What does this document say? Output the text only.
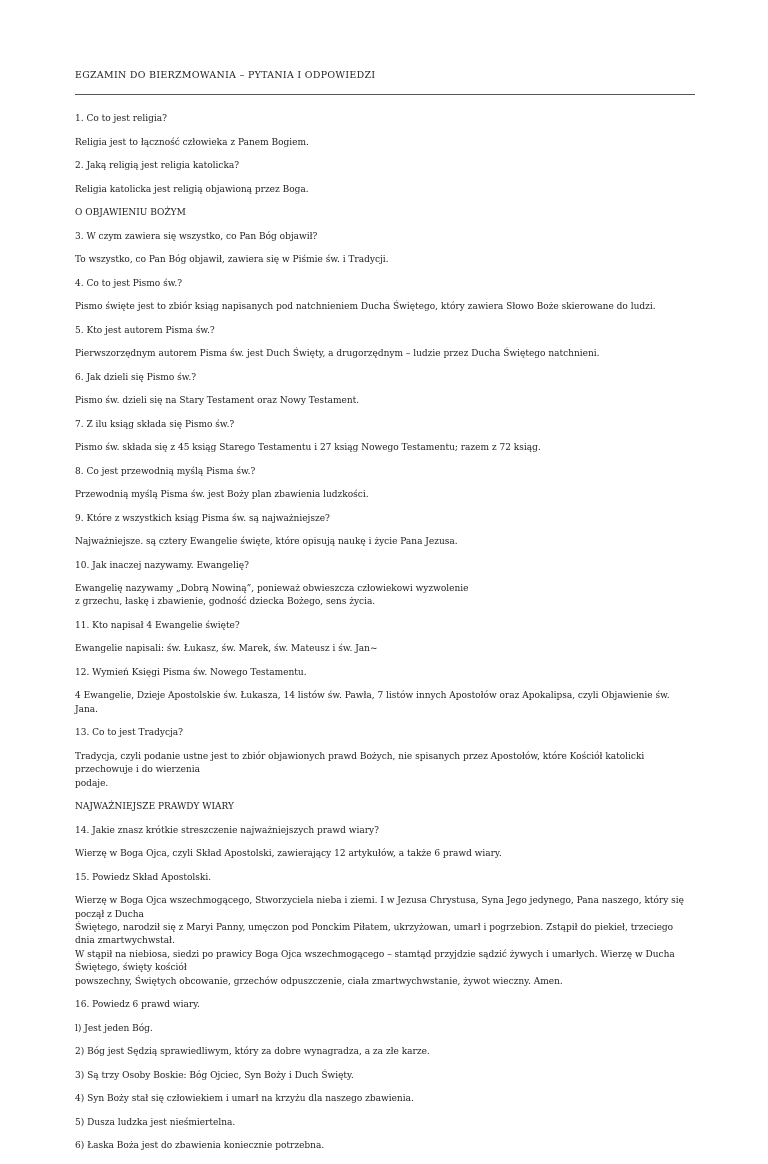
EGZAMIN DO BIERZMOWANIA – PYTANIA I ODPOWIEDZI

1. Co to jest religia?

Religia jest to łączność człowieka z Panem Bogiem.

2. Jaką religią jest religia katolicka?

Religia katolicka jest religią objawioną przez Boga.

O OBJAWIENIU BOŻYM

3. W czym zawiera się wszystko, co Pan Bóg objawił?

To wszystko, co Pan Bóg objawił, zawiera się w Piśmie św. i Tradycji.

4. Co to jest Pismo św.?

Pismo święte jest to zbiór ksiąg napisanych pod natchnieniem Ducha Świętego, który zawiera Słowo Boże skierowane do ludzi.

5. Kto jest autorem Pisma św.?

Pierwszorzędnym autorem Pisma św. jest Duch Święty, a drugorzędnym – ludzie przez Ducha Świętego natchnieni.

6. Jak dzieli się Pismo św.?

Pismo św. dzieli się na Stary Testament oraz Nowy Testament.

7. Z ilu ksiąg składa się Pismo św.?

Pismo św. składa się z 45 ksiąg Starego Testamentu i 27 ksiąg Nowego Testamentu; razem z 72 ksiąg.

8. Co jest przewodnią myślą Pisma św.?

Przewodnią myślą Pisma św. jest Boży plan zbawienia ludzkości.

9. Które z wszystkich ksiąg Pisma św. są najważniejsze?

Najważniejsze. są cztery Ewangelie święte, które opisują naukę i życie Pana Jezusa.

10. Jak inaczej nazywamy. Ewangelię?

Ewangelię nazywamy „Dobrą Nowiną”, ponieważ obwieszcza człowiekowi wyzwolenie
z grzechu, łaskę i zbawienie, godność dziecka Bożego, sens życia.

11. Kto napisał 4 Ewangelie święte?

Ewangelie napisali: św. Łukasz, św. Marek, św. Mateusz i św. Jan~

12. Wymień Księgi Pisma św. Nowego Testamentu.

4 Ewangelie, Dzieje Apostolskie św. Łukasza, 14 listów św. Pawła, 7 listów innych Apostołów oraz Apokalipsa, czyli Objawienie św. Jana.

13. Co to jest Tradycja?

Tradycja, czyli podanie ustne jest to zbiór objawionych prawd Bożych, nie spisanych przez Apostołów, które Kościół katolicki przechowuje i do wierzenia
podaje.

NAJWAŻNIEJSZE PRAWDY WIARY

14. Jakie znasz krótkie streszczenie najważniejszych prawd wiary?

Wierzę w Boga Ojca, czyli Skład Apostolski, zawierający 12 artykułów, a także 6 prawd wiary.

15. Powiedz Skład Apostolski.

Wierzę w Boga Ojca wszechmogącego, Stworzyciela nieba i ziemi. I w Jezusa Chrystusa, Syna Jego jedynego, Pana naszego, który się począł z Ducha
Świętego, narodził się z Maryi Panny, umęczon pod Ponckim Piłatem, ukrzyżowan, umarł i pogrzebion. Zstąpił do piekieł, trzeciego dnia zmartwychwstał.
W stąpił na niebiosa, siedzi po prawicy Boga Ojca wszechmogącego – stamtąd przyjdzie sądzić żywych i umarłych. Wierzę w Ducha Świętego, święty kościół
powszechny, Świętych obcowanie, grzechów odpuszczenie, ciała zmartwychwstanie, żywot wieczny. Amen.

16. Powiedz 6 prawd wiary.

l) Jest jeden Bóg.

2) Bóg jest Sędzią sprawiedliwym, który za dobre wynagradza, a za złe karze.

3) Są trzy Osoby Boskie: Bóg Ojciec, Syn Boży i Duch Święty.

4) Syn Boży stał się człowiekiem i umarł na krzyżu dla naszego zbawienia.

5) Dusza ludzka jest nieśmiertelna.

6) Łaska Boża jest do zbawienia koniecznie potrzebna.
